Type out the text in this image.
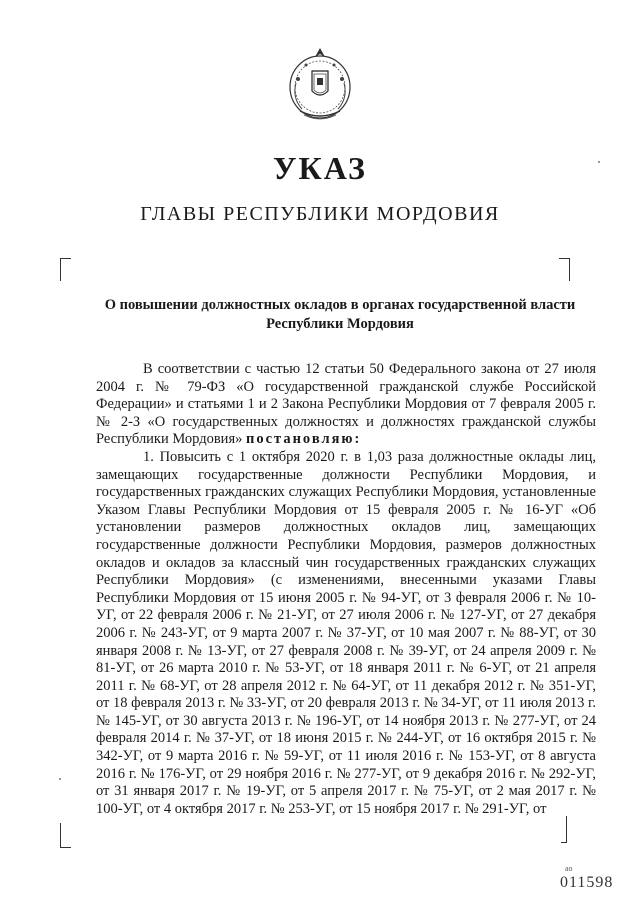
УКАЗ
ГЛАВЫ РЕСПУБЛИКИ МОРДОВИЯ
О повышении должностных окладов в органах государственной власти
Республики Мордовия

В соответствии с частью 12 статьи 50 Федерального закона от 27 июля 2004 г. № 79-ФЗ «О государственной гражданской службе Российской Федерации» и статьями 1 и 2 Закона Республики Мордовия от 7 февраля 2005 г. № 2-З «О государственных должностях и должностях гражданской службы Республики Мордовия» постановляю:

1. Повысить с 1 октября 2020 г. в 1,03 раза должностные оклады лиц, замещающих государственные должности Республики Мордовия, и государственных гражданских служащих Республики Мордовия, установленные Указом Главы Республики Мордовия от 15 февраля 2005 г. № 16-УГ «Об установлении размеров должностных окладов лиц, замещающих государственные должности Республики Мордовия, размеров должностных окладов и окладов за классный чин государственных гражданских служащих Республики Мордовия» (с изменениями, внесенными указами Главы Республики Мордовия от 15 июня 2005 г. № 94-УГ, от 3 февраля 2006 г. № 10-УГ, от 22 февраля 2006 г. № 21-УГ, от 27 июля 2006 г. № 127-УГ, от 27 декабря 2006 г. № 243-УГ, от 9 марта 2007 г. № 37-УГ, от 10 мая 2007 г. № 88-УГ, от 30 января 2008 г. № 13-УГ, от 27 февраля 2008 г. № 39-УГ, от 24 апреля 2009 г. № 81-УГ, от 26 марта 2010 г. № 53-УГ, от 18 января 2011 г. № 6-УГ, от 21 апреля 2011 г. № 68-УГ, от 28 апреля 2012 г. № 64-УГ, от 11 декабря 2012 г. № 351-УГ, от 18 февраля 2013 г. № 33-УГ, от 20 февраля 2013 г. № 34-УГ, от 11 июля 2013 г. № 145-УГ, от 30 августа 2013 г. № 196-УГ, от 14 ноября 2013 г. № 277-УГ, от 24 февраля 2014 г. № 37-УГ, от 18 июня 2015 г. № 244-УГ, от 16 октября 2015 г. № 342-УГ, от 9 марта 2016 г. № 59-УГ, от 11 июля 2016 г. № 153-УГ, от 8 августа 2016 г. № 176-УГ, от 29 ноября 2016 г. № 277-УГ, от 9 декабря 2016 г. № 292-УГ, от 31 января 2017 г. № 19-УГ, от 5 апреля 2017 г. № 75-УГ, от 2 мая 2017 г. № 100-УГ, от 4 октября 2017 г. № 253-УГ, от 15 ноября 2017 г. № 291-УГ, от

ao
011598
